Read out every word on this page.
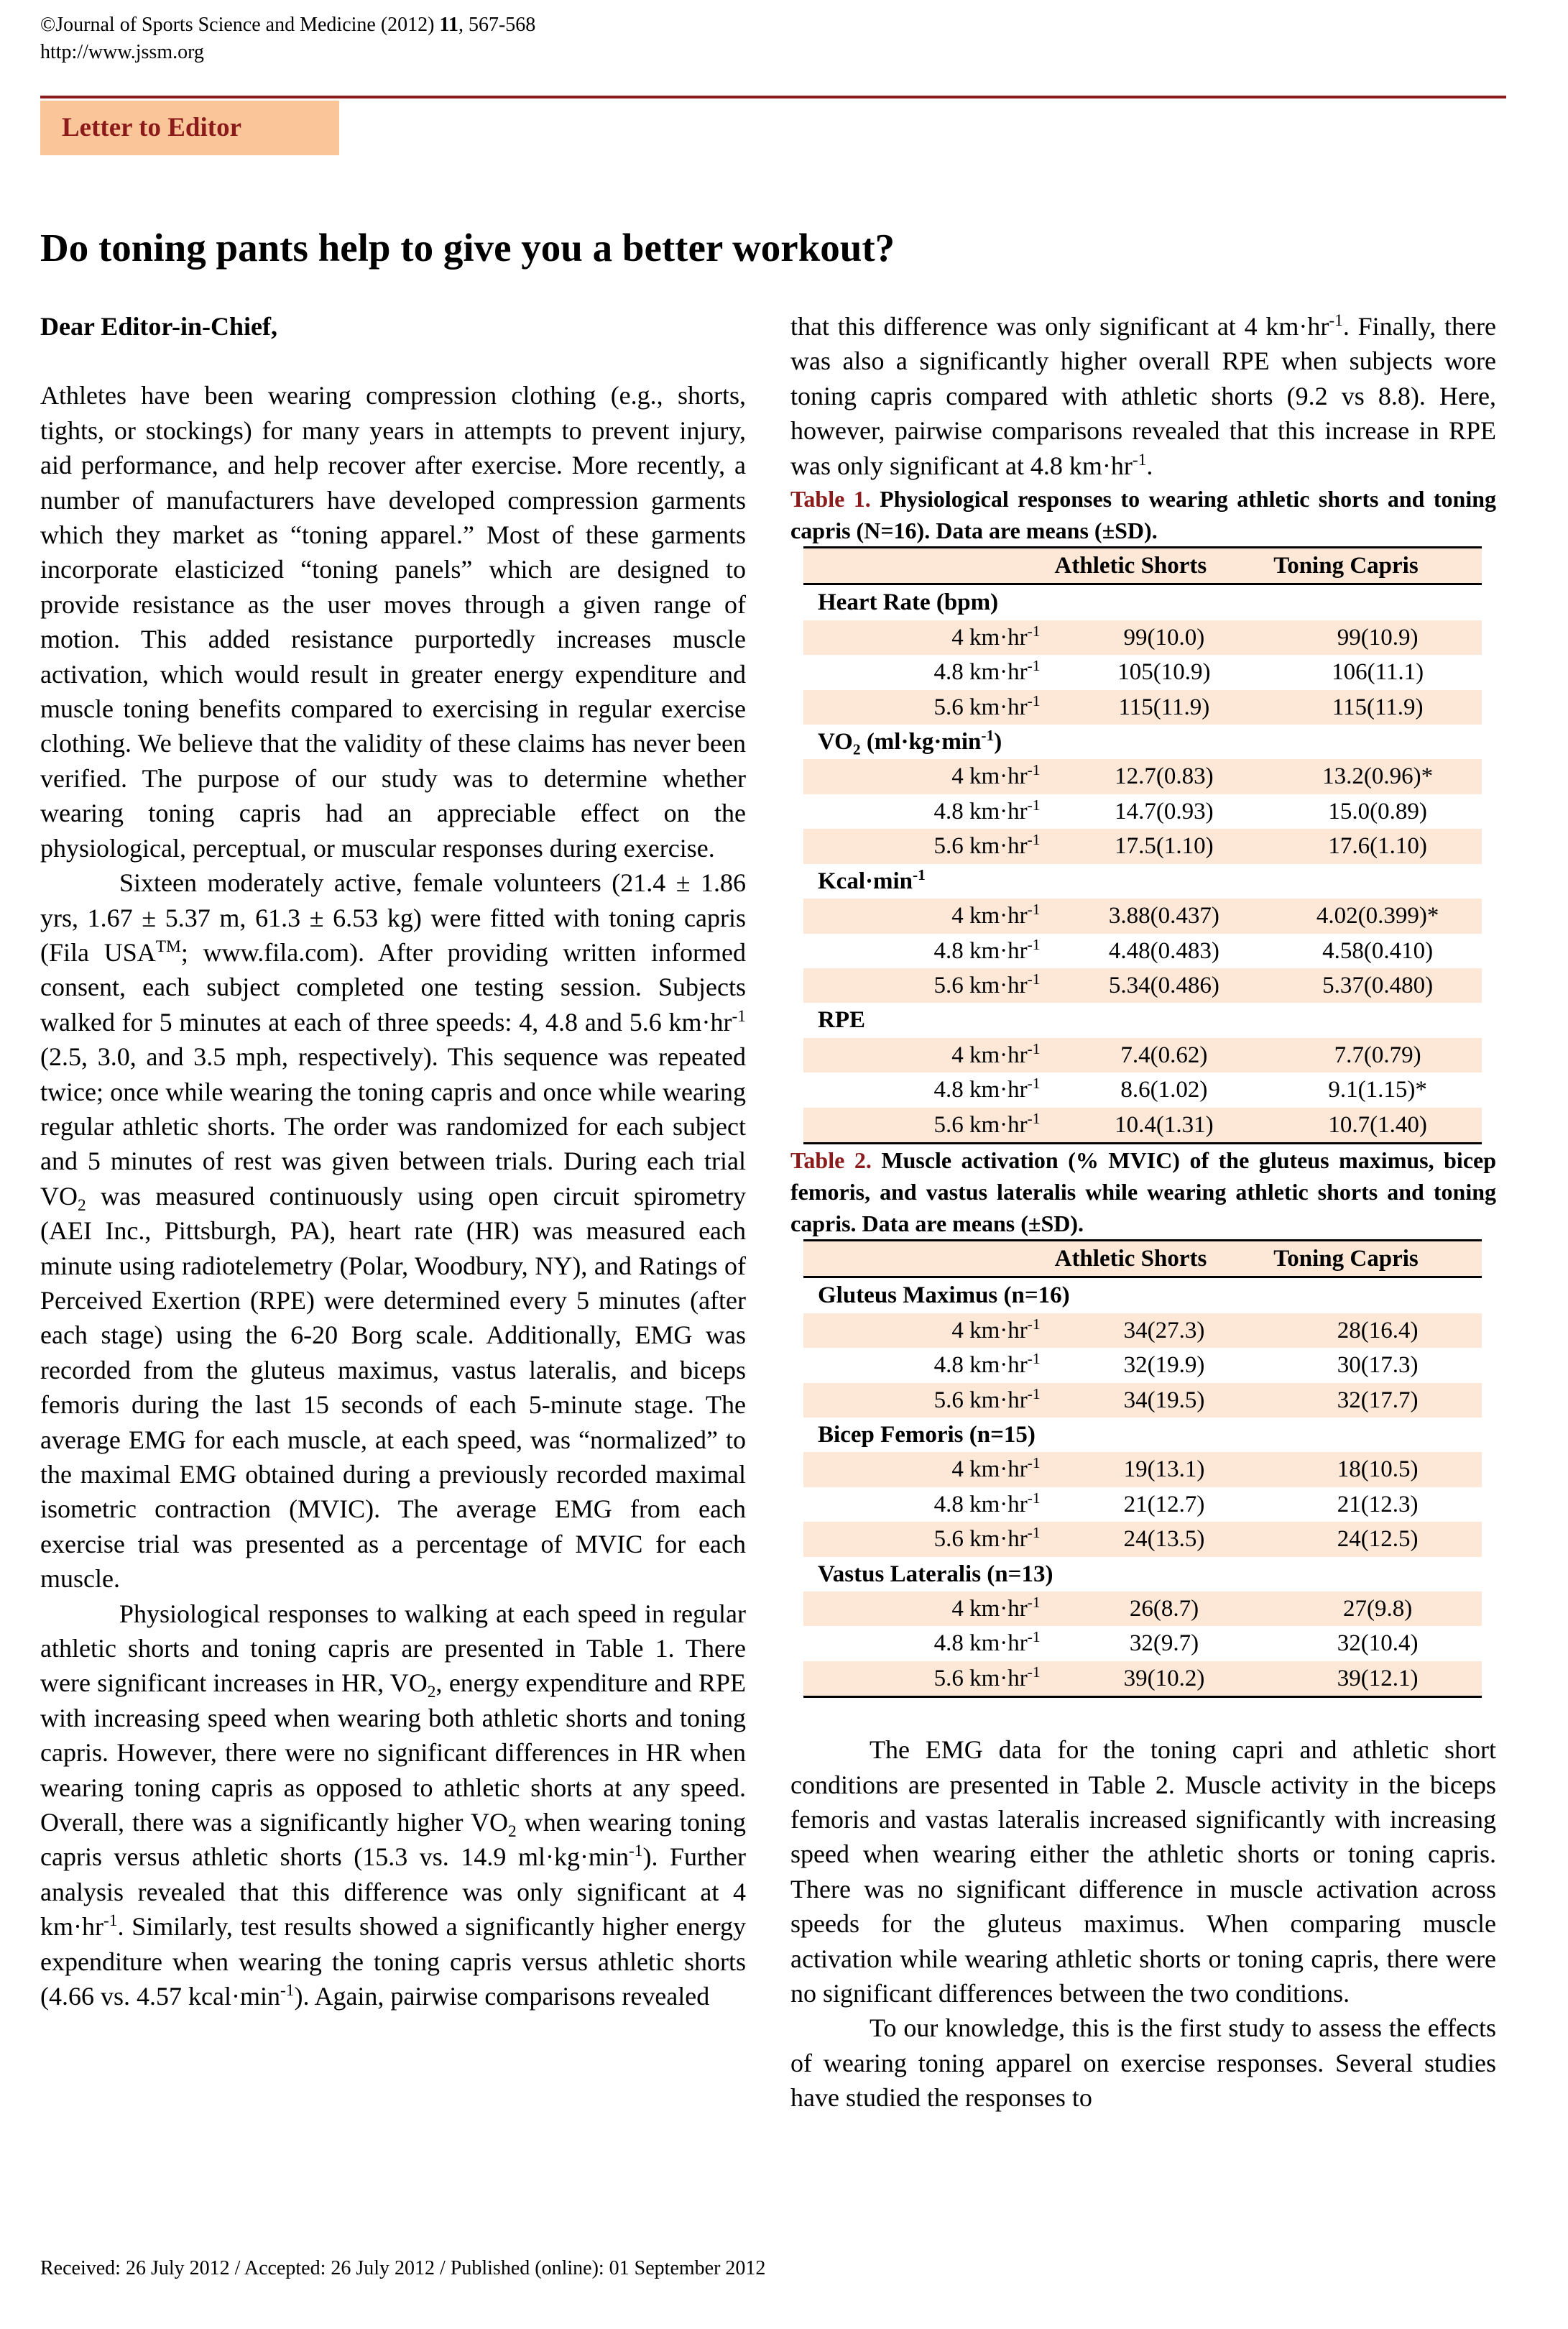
©Journal of Sports Science and Medicine (2012) 11, 567-568
http://www.jssm.org
Letter to Editor
Do toning pants help to give you a better workout?

Dear Editor-in-Chief,

Athletes have been wearing compression clothing (e.g., shorts, tights, or stockings) for many years in attempts to prevent injury, aid performance, and help recover after exercise. More recently, a number of manufacturers have developed compression garments which they market as “toning apparel.” Most of these garments incorporate elasticized “toning panels” which are designed to provide resistance as the user moves through a given range of motion. This added resistance purportedly increases muscle activation, which would result in greater energy expenditure and muscle toning benefits compared to exercising in regular exercise clothing. We believe that the validity of these claims has never been verified. The purpose of our study was to determine whether wearing toning capris had an appreciable effect on the physiological, perceptual, or muscular responses during exercise.

Sixteen moderately active, female volunteers (21.4 ± 1.86 yrs, 1.67 ± 5.37 m, 61.3 ± 6.53 kg) were fitted with toning capris (Fila USA™; www.fila.com). After providing written informed consent, each subject completed one testing session. Subjects walked for 5 minutes at each of three speeds: 4, 4.8 and 5.6 $km\cdot hr^{-1}$ (2.5, 3.0, and 3.5 mph, respectively). This sequence was repeated twice; once while wearing the toning capris and once while wearing regular athletic shorts. The order was randomized for each subject and 5 minutes of rest was given between trials. During each trial $VO_2$ was measured continuously using open circuit spirometry (AEI Inc., Pittsburgh, PA), heart rate (HR) was measured each minute using radiotelemetry (Polar, Woodbury, NY), and Ratings of Perceived Exertion (RPE) were determined every 5 minutes (after each stage) using the 6-20 Borg scale. Additionally, EMG was recorded from the gluteus maximus, vastus lateralis, and biceps femoris during the last 15 seconds of each 5-minute stage. The average EMG for each muscle, at each speed, was “normalized” to the maximal EMG obtained during a previously recorded maximal isometric contraction (MVIC). The average EMG from each exercise trial was presented as a percentage of MVIC for each muscle.

Physiological responses to walking at each speed in regular athletic shorts and toning capris are presented in Table 1. There were significant increases in HR, $VO_2$, energy expenditure and RPE with increasing speed when wearing both athletic shorts and toning capris. However, there were no significant differences in HR when wearing toning capris as opposed to athletic shorts at any speed. Overall, there was a significantly higher $VO_2$ when wearing toning capris versus athletic shorts (15.3 vs. 14.9 $ml\cdot kg\cdot\min^{-1}$). Further analysis revealed that this difference was only significant at 4 $km\cdot hr^{-1}$. Similarly, test results showed a significantly higher energy expenditure when wearing the toning capris versus athletic shorts (4.66 vs. 4.57 $kcal\cdot\min^{-1}$). Again, pairwise comparisons revealed

that this difference was only significant at 4 $km\cdot hr^{-1}$. Finally, there was also a significantly higher overall RPE when subjects wore toning capris compared with athletic shorts (9.2 vs 8.8). Here, however, pairwise comparisons revealed that this increase in RPE was only significant at 4.8 $km\cdot hr^{-1}$.

Table 1. Physiological responses to wearing athletic shorts and toning capris (N=16). Data are means (±SD).

	Athletic Shorts	Toning Capris
Heart Rate (bpm)		
4 $km\cdot hr^{-1}$	99(10.0)	99(10.9)
4.8 $km\cdot hr^{-1}$	105(10.9)	106(11.1)
5.6 $km\cdot hr^{-1}$	115(11.9)	115(11.9)
$VO_2$ $(ml\cdot kg\cdot\min^{-1})$		
4 $km\cdot hr^{-1}$	12.7(0.83)	13.2(0.96)*
4.8 $km\cdot hr^{-1}$	14.7(0.93)	15.0(0.89)
5.6 $km\cdot hr^{-1}$	17.5(1.10)	17.6(1.10)
$Kcal\cdot\min^{-1}$
4 $km\cdot hr^{-1}$	3.88(0.437)	4.02(0.399)*
4.8 $km\cdot hr^{-1}$	4.48(0.483)	4.58(0.410)
5.6 $km\cdot hr^{-1}$	5.34(0.486)	5.37(0.480)
RPE		
4 $km\cdot hr^{-1}$	7.4(0.62)	7.7(0.79)
4.8 $km\cdot hr^{-1}$	8.6(1.02)	9.1(1.15)*
5.6 $km\cdot hr^{-1}$	10.4(1.31)	10.7(1.40)

Table 2. Muscle activation (% MVIC) of the gluteus maximus, bicep femoris, and vastus lateralis while wearing athletic shorts and toning capris. Data are means (±SD).

	Athletic Shorts	Toning Capris
Gluteus Maximus (n=16)		
4 $km\cdot hr^{-1}$	34(27.3)	28(16.4)
4.8 $km\cdot hr^{-1}$	32(19.9)	30(17.3)
5.6 $km\cdot hr^{-1}$	34(19.5)	32(17.7)
Bicep Femoris (n=15)		
4 $km\cdot hr^{-1}$	19(13.1)	18(10.5)
4.8 $km\cdot hr^{-1}$	21(12.7)	21(12.3)
5.6 $km\cdot hr^{-1}$	24(13.5)	24(12.5)
Vastus Lateralis (n=13)		
4 $km\cdot hr^{-1}$	26(8.7)	27(9.8)
4.8 $km\cdot hr^{-1}$	32(9.7)	32(10.4)
5.6 $km\cdot hr^{-1}$	39(10.2)	39(12.1)

The EMG data for the toning capri and athletic short conditions are presented in Table 2. Muscle activity in the biceps femoris and vastas lateralis increased significantly with increasing speed when wearing either the athletic shorts or toning capris. There was no significant difference in muscle activation across speeds for the gluteus maximus. When comparing muscle activation while wearing athletic shorts or toning capris, there were no significant differences between the two conditions.

To our knowledge, this is the first study to assess the effects of wearing toning apparel on exercise responses. Several studies have studied the responses to

Received: 26 July 2012 / Accepted: 26 July 2012 / Published (online): 01 September 2012
